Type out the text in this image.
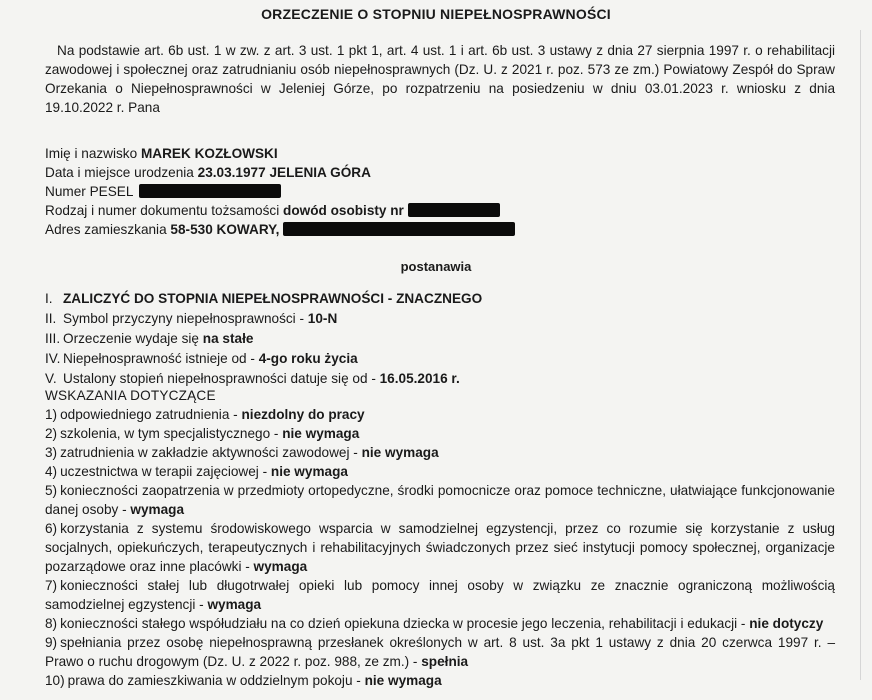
ORZECZENIE O STOPNIU NIEPEŁNOSPRAWNOŚCI
Na podstawie art. 6b ust. 1 w zw. z art. 3 ust. 1 pkt 1, art. 4 ust. 1 i art. 6b ust. 3 ustawy z dnia 27 sierpnia 1997 r. o rehabilitacji zawodowej i społecznej oraz zatrudnianiu osób niepełnosprawnych (Dz. U. z 2021 r. poz. 573 ze zm.) Powiatowy Zespół do Spraw Orzekania o Niepełnosprawności w Jeleniej Górze, po rozpatrzeniu na posiedzeniu w dniu 03.01.2023 r. wniosku z dnia 19.10.2022 r. Pana
Imię i nazwisko MAREK KOZŁOWSKI
Data i miejsce urodzenia 23.03.1977 JELENIA GÓRA
Numer PESEL
Rodzaj i numer dokumentu tożsamości dowód osobisty nr
Adres zamieszkania 58-530 KOWARY,
postanawia
I. ZALICZYĆ DO STOPNIA NIEPEŁNOSPRAWNOŚCI - ZNACZNEGO
II. Symbol przyczyny niepełnosprawności - 10-N
III. Orzeczenie wydaje się na stałe
IV. Niepełnosprawność istnieje od - 4-go roku życia
V. Ustalony stopień niepełnosprawności datuje się od - 16.05.2016 r.
WSKAZANIA DOTYCZĄCE
1) odpowiedniego zatrudnienia - niezdolny do pracy
2) szkolenia, w tym specjalistycznego - nie wymaga
3) zatrudnienia w zakładzie aktywności zawodowej - nie wymaga
4) uczestnictwa w terapii zajęciowej - nie wymaga
5) konieczności zaopatrzenia w przedmioty ortopedyczne, środki pomocnicze oraz pomoce techniczne, ułatwiające funkcjonowanie danej osoby - wymaga
6) korzystania z systemu środowiskowego wsparcia w samodzielnej egzystencji, przez co rozumie się korzystanie z usług socjalnych, opiekuńczych, terapeutycznych i rehabilitacyjnych świadczonych przez sieć instytucji pomocy społecznej, organizacje pozarządowe oraz inne placówki - wymaga
7) konieczności stałej lub długotrwałej opieki lub pomocy innej osoby w związku ze znacznie ograniczoną możliwością samodzielnej egzystencji - wymaga
8) konieczności stałego współudziału na co dzień opiekuna dziecka w procesie jego leczenia, rehabilitacji i edukacji - nie dotyczy
9) spełniania przez osobę niepełnosprawną przesłanek określonych w art. 8 ust. 3a pkt 1 ustawy z dnia 20 czerwca 1997 r. – Prawo o ruchu drogowym (Dz. U. z 2022 r. poz. 988, ze zm.) - spełnia
10) prawa do zamieszkiwania w oddzielnym pokoju - nie wymaga
